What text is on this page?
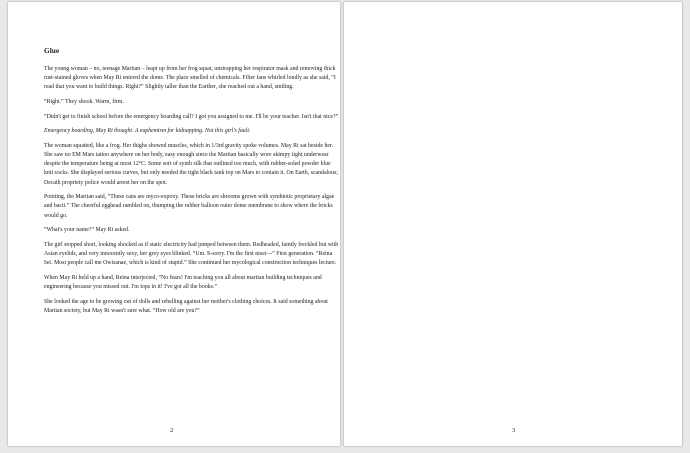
Glue

The young woman – no, teenage Martian – leapt up from her frog squat, unstrapping her respirator mask and removing thick rust-stained gloves when May Ri entered the dome. The place smelled of chemicals. Filter fans whirled loudly as she said, “I read that you want to build things. Right?” Slightly taller than the Earther, she reached out a hand, smiling.

“Right.” They shook. Warm, firm.

“Didn't get to finish school before the emergency boarding call? I got you assigned to me. I'll be your teacher. Isn't that nice?”

Emergency boarding, May Ri thought. A euphemism for kidnapping. Not this girl's fault.

The woman squatted, like a frog. Her thighs showed muscles, which in 1/3rd gravity spoke volumes. May Ri sat beside her. She saw no EM Mars tattoo anywhere on her body, easy enough since the Martian basically wore skimpy tight underwear despite the temperature being at most 12°C. Some sort of synth silk that outlined too much, with rubber-soled powder blue knit socks. She displayed serious curves, but only needed the tight black tank top on Mars to contain it. On Earth, scandalous; Decath propriety police would arrest her on the spot.

Pointing, the Martian said, “These cans are myco-expoxy. These bricks are shrooms grown with symbiotic proprietary algae and bacti.” The cheerful egghead rambled on, thumping the rubber balloon outer dome membrane to show where the bricks would go.

“What's your name?” May Ri asked.

The girl stopped short, looking shocked as if static electricity had jumped between them. Redheaded, faintly freckled but with Asian eyelids, and very innocently sexy, her grey eyes blinked. “Um. S-sorry. I'm the first nisei—” First generation. “Reina Isō. Most people call me Owisanae, which is kind of stupid.” She continued her mycological construction techniques lecture.

When May Ri held up a hand, Reina interjected, “No fears! I'm teaching you all about martian building techniques and engineering because you missed out. I'm tops in it! I've got all the books.”

She looked the age to be growing out of dolls and rebelling against her mother's clothing choices. It said something about Martian society, but May Ri wasn't sure what. “How old are you?”

2	3
